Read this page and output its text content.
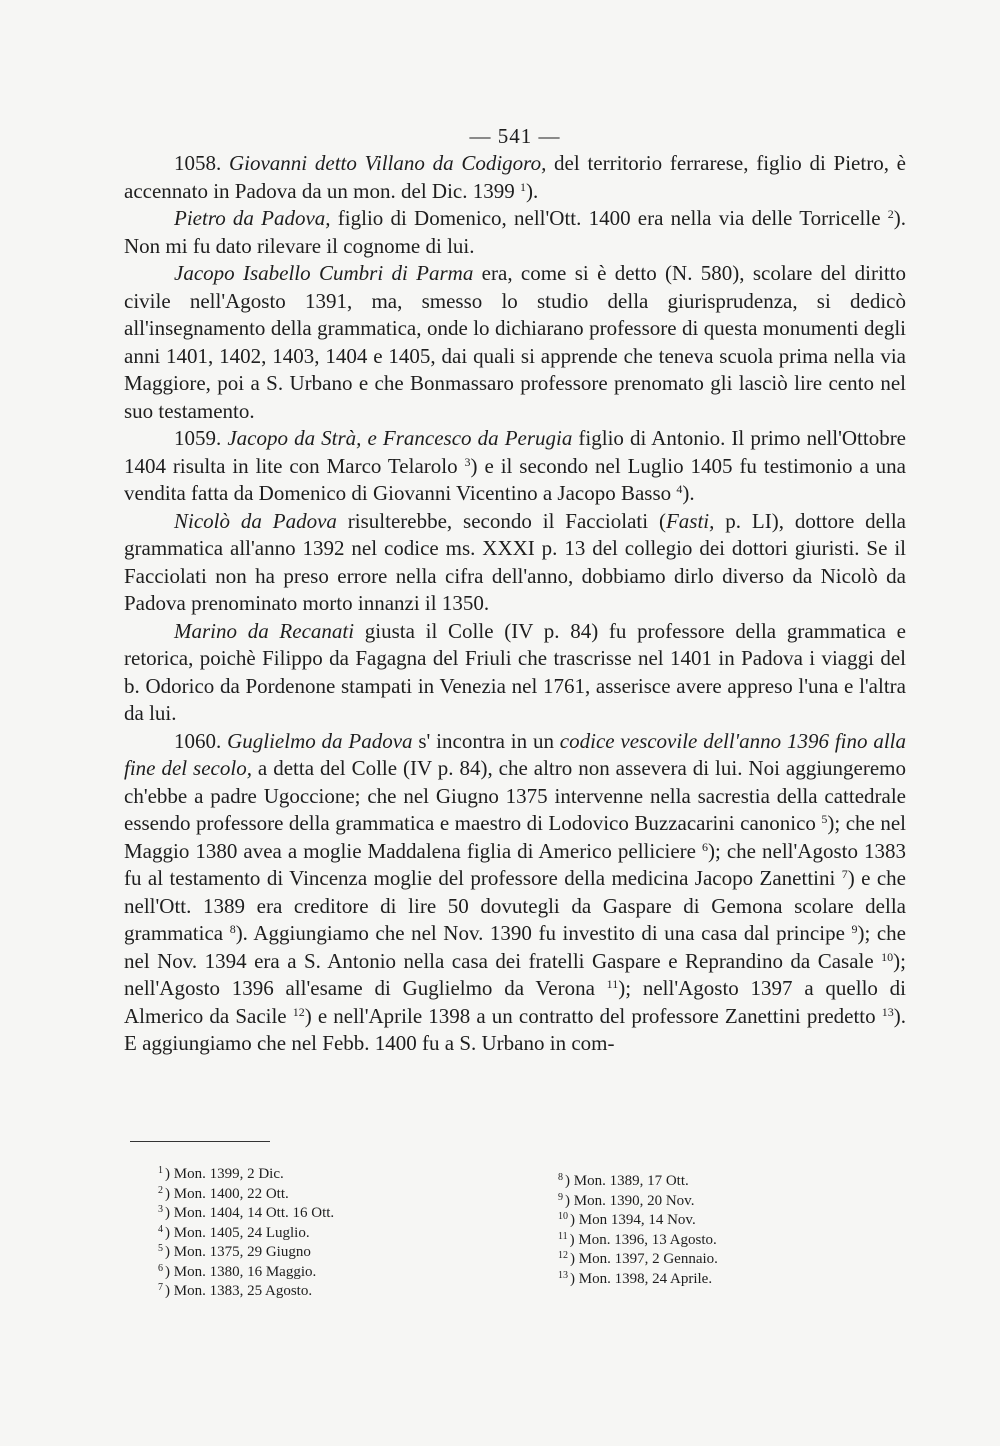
— 541 —

1058. Giovanni detto Villano da Codigoro, del territorio ferrarese, figlio di Pietro, è accennato in Padova da un mon. del Dic. 1399 $^1$).

Pietro da Padova, figlio di Domenico, nell'Ott. 1400 era nella via delle Torricelle $^2$). Non mi fu dato rilevare il cognome di lui.

Jacopo Isabello Cumbri di Parma era, come si è detto (N. 580), scolare del diritto civile nell'Agosto 1391, ma, smesso lo studio della giurisprudenza, si dedicò all'insegnamento della grammatica, onde lo dichiarano professore di questa monumenti degli anni 1401, 1402, 1403, 1404 e 1405, dai quali si apprende che teneva scuola prima nella via Maggiore, poi a S. Urbano e che Bonmassaro professore prenomato gli lasciò lire cento nel suo testamento.

1059. Jacopo da Strà, e Francesco da Perugia figlio di Antonio. Il primo nell'Ottobre 1404 risulta in lite con Marco Telarolo $^3$) e il secondo nel Luglio 1405 fu testimonio a una vendita fatta da Domenico di Giovanni Vicentino a Jacopo Basso $^4$).

Nicolò da Padova risulterebbe, secondo il Facciolati (Fasti, p. LI), dottore della grammatica all'anno 1392 nel codice ms. XXXI p. 13 del collegio dei dottori giuristi. Se il Facciolati non ha preso errore nella cifra dell'anno, dobbiamo dirlo diverso da Nicolò da Padova prenominato morto innanzi il 1350.

Marino da Recanati giusta il Colle (IV p. 84) fu professore della grammatica e retorica, poichè Filippo da Fagagna del Friuli che trascrisse nel 1401 in Padova i viaggi del b. Odorico da Pordenone stampati in Venezia nel 1761, asserisce avere appreso l'una e l'altra da lui.

1060. Guglielmo da Padova s' incontra in un codice vescovile dell'anno 1396 fino alla fine del secolo, a detta del Colle (IV p. 84), che altro non assevera di lui. Noi aggiungeremo ch'ebbe a padre Ugoccione; che nel Giugno 1375 intervenne nella sacrestia della cattedrale essendo professore della grammatica e maestro di Lodovico Buzzacarini canonico $^5$); che nel Maggio 1380 avea a moglie Maddalena figlia di Americo pelliciere $^6$); che nell'Agosto 1383 fu al testamento di Vincenza moglie del professore della medicina Jacopo Zanettini $^7$) e che nell'Ott. 1389 era creditore di lire 50 dovutegli da Gaspare di Gemona scolare della grammatica $^8$). Aggiungiamo che nel Nov. 1390 fu investito di una casa dal principe $^9$); che nel Nov. 1394 era a S. Antonio nella casa dei fratelli Gaspare e Reprandino da Casale $^{10}$); nell'Agosto 1396 all'esame di Guglielmo da Verona $^{11}$); nell'Agosto 1397 a quello di Almerico da Sacile $^{12}$) e nell'Aprile 1398 a un contratto del professore Zanettini predetto $^{13}$). E aggiungiamo che nel Febb. 1400 fu a S. Urbano in com-

$^1$ ) Mon. 1399, 2 Dic.
$^2$ ) Mon. 1400, 22 Ott.
$^3$ ) Mon. 1404, 14 Ott. 16 Ott.
$^4$ ) Mon. 1405, 24 Luglio.
$^5$ ) Mon. 1375, 29 Giugno
$^6$ ) Mon. 1380, 16 Maggio.
$^7$ ) Mon. 1383, 25 Agosto.
$^8$ ) Mon. 1389, 17 Ott.
$^9$ ) Mon. 1390, 20 Nov.
$^{10}$ ) Mon 1394, 14 Nov.
$^{11}$ ) Mon. 1396, 13 Agosto.
$^{12}$ ) Mon. 1397, 2 Gennaio.
$^{13}$ ) Mon. 1398, 24 Aprile.
